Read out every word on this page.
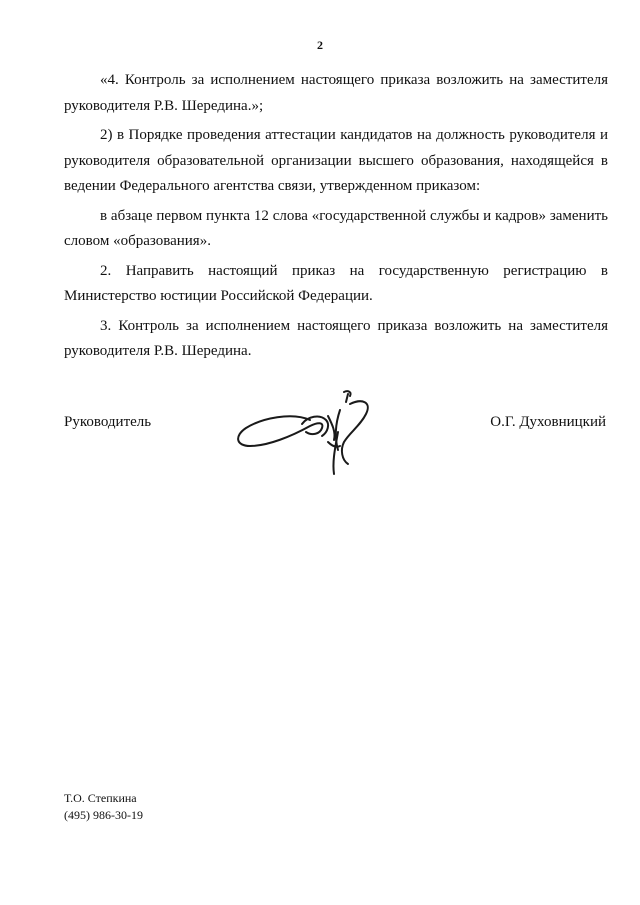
2

«4. Контроль за исполнением настоящего приказа возложить на заместителя руководителя Р.В. Шередина.»;

2) в Порядке проведения аттестации кандидатов на должность руководителя и руководителя образовательной организации высшего образования, находящейся в ведении Федерального агентства связи, утвержденном приказом:

в абзаце первом пункта 12 слова «государственной службы и кадров» заменить словом «образования».

2. Направить настоящий приказ на государственную регистрацию в Министерство юстиции Российской Федерации.

3. Контроль за исполнением настоящего приказа возложить на заместителя руководителя Р.В. Шередина.

Руководитель	О.Г. Духовницкий
Т.О. Степкина
(495) 986-30-19
